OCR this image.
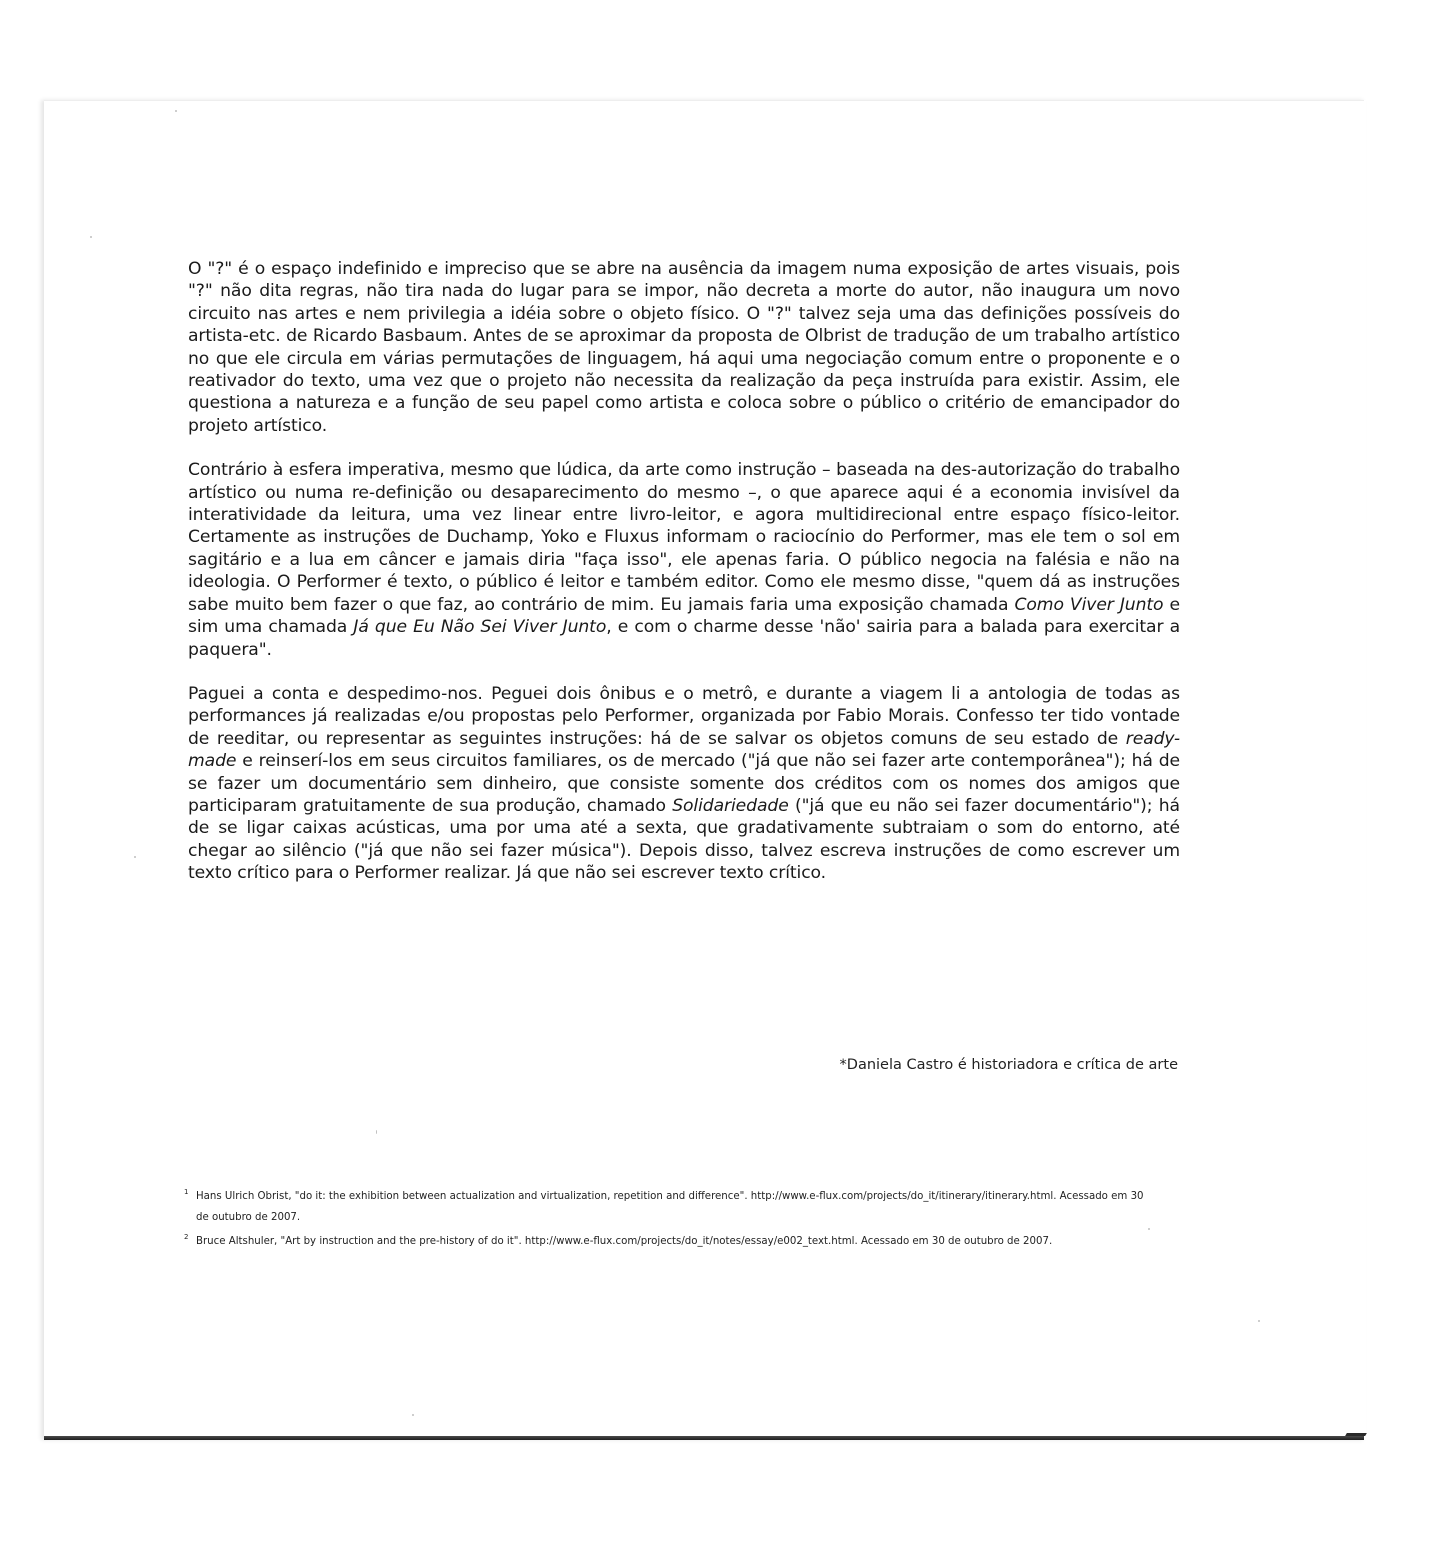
O "?" é o espaço indefinido e impreciso que se abre na ausência da imagem numa exposição de artes visuais, pois "?" não dita regras, não tira nada do lugar para se impor, não decreta a morte do autor, não inaugura um novo circuito nas artes e nem privilegia a idéia sobre o objeto físico. O "?" talvez seja uma das definições possíveis do artista-etc. de Ricardo Basbaum. Antes de se aproximar da proposta de Olbrist de tradução de um trabalho artístico no que ele circula em várias permutações de linguagem, há aqui uma negociação comum entre o proponente e o reativador do texto, uma vez que o projeto não necessita da realização da peça instruída para existir. Assim, ele questiona a natureza e a função de seu papel como artista e coloca sobre o público o critério de emancipador do projeto artístico.

Contrário à esfera imperativa, mesmo que lúdica, da arte como instrução – baseada na des-autorização do trabalho artístico ou numa re-definição ou desaparecimento do mesmo –, o que aparece aqui é a economia invisível da interatividade da leitura, uma vez linear entre livro-leitor, e agora multidirecional entre espaço físico-leitor. Certamente as instruções de Duchamp, Yoko e Fluxus informam o raciocínio do Performer, mas ele tem o sol em sagitário e a lua em câncer e jamais diria "faça isso", ele apenas faria. O público negocia na falésia e não na ideologia. O Performer é texto, o público é leitor e também editor. Como ele mesmo disse, "quem dá as instruções sabe muito bem fazer o que faz, ao contrário de mim. Eu jamais faria uma exposição chamada Como Viver Junto e sim uma chamada Já que Eu Não Sei Viver Junto, e com o charme desse 'não' sairia para a balada para exercitar a paquera".

Paguei a conta e despedimo-nos. Peguei dois ônibus e o metrô, e durante a viagem li a antologia de todas as performances já realizadas e/ou propostas pelo Performer, organizada por Fabio Morais. Confesso ter tido vontade de reeditar, ou representar as seguintes instruções: há de se salvar os objetos comuns de seu estado de ready-made e reinserí-los em seus circuitos familiares, os de mercado ("já que não sei fazer arte contemporânea"); há de se fazer um documentário sem dinheiro, que consiste somente dos créditos com os nomes dos amigos que participaram gratuitamente de sua produção, chamado Solidariedade ("já que eu não sei fazer documentário"); há de se ligar caixas acústicas, uma por uma até a sexta, que gradativamente subtraiam o som do entorno, até chegar ao silêncio ("já que não sei fazer música"). Depois disso, talvez escreva instruções de como escrever um texto crítico para o Performer realizar. Já que não sei escrever texto crítico.

*Daniela Castro é historiadora e crítica de arte
1 Hans Ulrich Obrist, "do it: the exhibition between actualization and virtualization, repetition and difference". http://www.e-flux.com/projects/do_it/itinerary/itinerary.html. Acessado em 30 de outubro de 2007.
2 Bruce Altshuler, "Art by instruction and the pre-history of do it". http://www.e-flux.com/projects/do_it/notes/essay/e002_text.html. Acessado em 30 de outubro de 2007.
